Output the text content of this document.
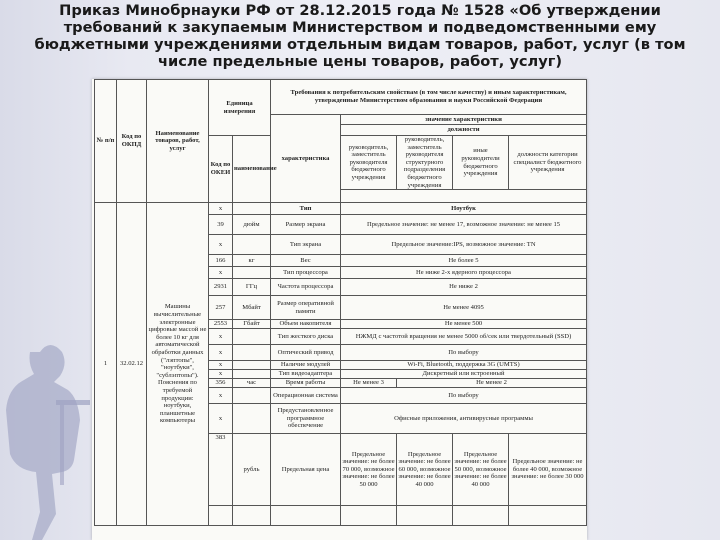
Приказ Минобрнауки РФ от 28.12.2015 года № 1528 «Об утверждении требований к закупаемым Министерством и подведомственными ему бюджетными учреждениями отдельным видам товаров, работ, услуг (в том числе предельные цены товаров, работ, услуг)
№ п/п	Код по ОКПД	Наименование товаров, работ, услуг	Единица измерения		Требования к потребительским свойствам (в том числе качеству) и иным характеристикам, утвержденные Министерством образования и науки Российской Федерации				
					характеристика	значение характеристики			
						должности			
			Код по ОКЕИ	наименование		руководитель, заместитель руководителя бюджетного учреждения	руководитель, заместитель руководителя структурного подразделения бюджетного учреждения	иные руководители бюджетного учреждения	должности категории специалист бюджетного учреждения

1	32.02.12	Машины вычислительные электронные цифровые массой не более 10 кг для автоматической обработки данных ("лэптопы", "ноутбуки", "сублэптопы"). Пояснения по требуемой продукции: ноутбуки, планшетные компьютеры	x		Тип	Ноутбук			
			39	дюйм	Размер экрана	Предельное значение: не менее 17, возможное значение: не менее 15			
			x		Тип экрана	Предельное значение:IPS, возможное значение: TN			
			166	кг	Вес	Не более 5			
			x		Тип процессора	Не ниже 2-х ядерного процессора			
			2931	ГГц	Частота процессора	Не ниже 2			
			257	Мбайт	Размер оперативной памяти	Не менее 4095			
			2553	Гбайт	Объем накопителя	Не менее 500			
			x		Тип жесткого диска	НЖМД с частотой вращения не менее 5000 об/сек или твердотельный (SSD)			
			x		Оптический привод	По выбору			
			x		Наличие модулей	Wi-Fi, Bluetooth, поддержка 3G (UMTS)			
			x		Тип видеоадаптера	Дискретный или встроенный			
			356	час	Время работы	Не менее 3	Не менее 2		
			x		Операционная система	По выбору			
			x		Предустановленное программное обеспечение	Офисные приложения, антивирусные программы			
			383	рубль	Предельная цена	Предельное значение: не более 70 000, возможное значение: не более 50 000	Предельное значение: не более 60 000, возможное значение: не более 40 000	Предельное значение: не более 50 000, возможное значение: не более 40 000	Предельное значение: не более 40 000, возможное значение: не более 30 000
